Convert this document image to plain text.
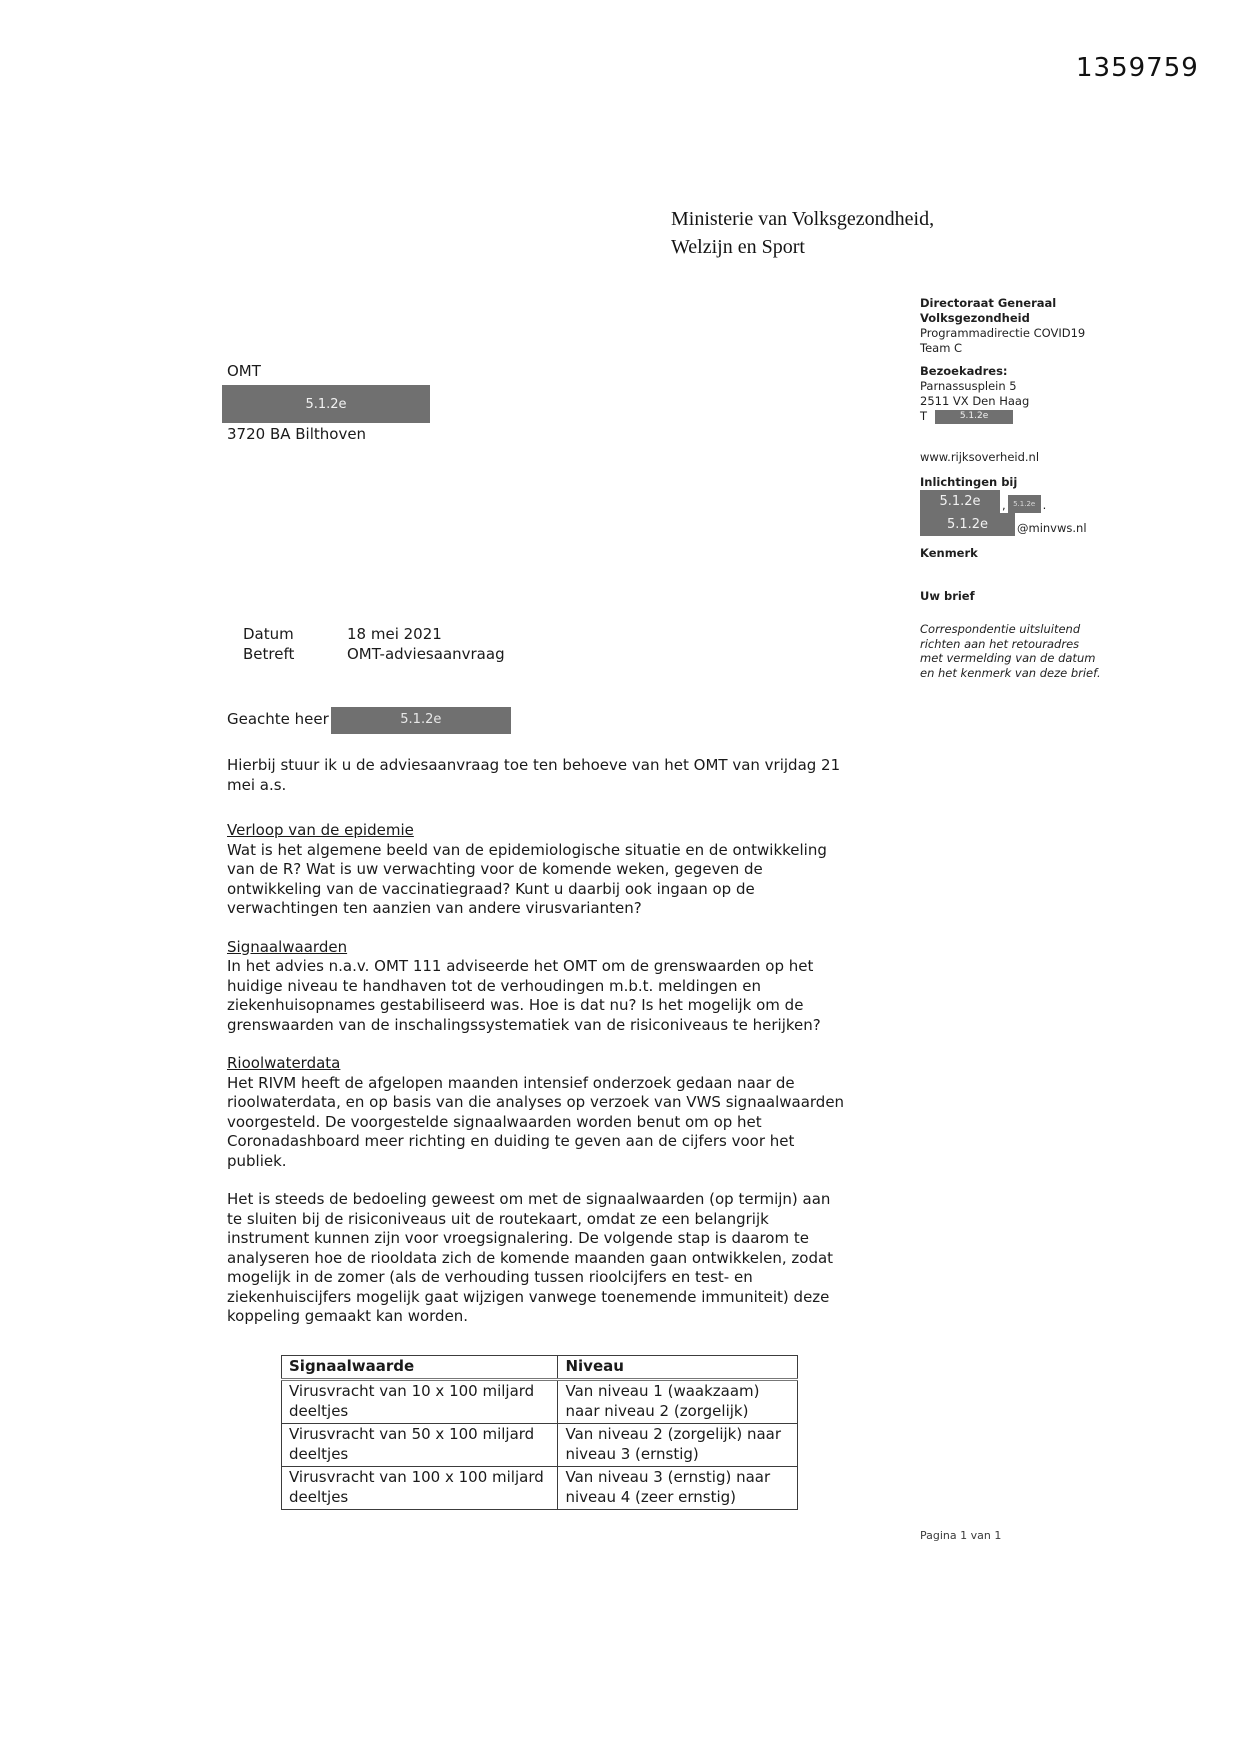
1359759
Ministerie van Volksgezondheid,
Welzijn en Sport
OMT
5.1.2e
3720 BA Bilthoven
Directoraat Generaal
Volksgezondheid
Programmadirectie COVID19
Team C
Bezoekadres:
Parnassusplein 5
2511 VX Den Haag
T	5.1.2e
www.rijksoverheid.nl
Inlichtingen bij
5.1.2e	,	5.1.2e .
5.1.2e	@minvws.nl
Kenmerk
Uw brief
Correspondentie uitsluitend richten aan het retouradres met vermelding van de datum en het kenmerk van deze brief.
Datum	18 mei 2021
Betreft	OMT-adviesaanvraag
Geachte heer	5.1.2e

Hierbij stuur ik u de adviesaanvraag toe ten behoeve van het OMT van vrijdag 21 mei a.s.

Verloop van de epidemie

Wat is het algemene beeld van de epidemiologische situatie en de ontwikkeling van de R? Wat is uw verwachting voor de komende weken, gegeven de ontwikkeling van de vaccinatiegraad? Kunt u daarbij ook ingaan op de verwachtingen ten aanzien van andere virusvarianten?

Signaalwaarden

In het advies n.a.v. OMT 111 adviseerde het OMT om de grenswaarden op het huidige niveau te handhaven tot de verhoudingen m.b.t. meldingen en ziekenhuisopnames gestabiliseerd was. Hoe is dat nu? Is het mogelijk om de grenswaarden van de inschalingssystematiek van de risiconiveaus te herijken?

Rioolwaterdata

Het RIVM heeft de afgelopen maanden intensief onderzoek gedaan naar de rioolwaterdata, en op basis van die analyses op verzoek van VWS signaalwaarden voorgesteld. De voorgestelde signaalwaarden worden benut om op het Coronadashboard meer richting en duiding te geven aan de cijfers voor het publiek.

Het is steeds de bedoeling geweest om met de signaalwaarden (op termijn) aan te sluiten bij de risiconiveaus uit de routekaart, omdat ze een belangrijk instrument kunnen zijn voor vroegsignalering. De volgende stap is daarom te analyseren hoe de riooldata zich de komende maanden gaan ontwikkelen, zodat mogelijk in de zomer (als de verhouding tussen rioolcijfers en test- en ziekenhuiscijfers mogelijk gaat wijzigen vanwege toenemende immuniteit) deze koppeling gemaakt kan worden.

Signaalwaarde	Niveau
Virusvracht van 10 x 100 miljard deeltjes	Van niveau 1 (waakzaam) naar niveau 2 (zorgelijk)
Virusvracht van 50 x 100 miljard deeltjes	Van niveau 2 (zorgelijk) naar niveau 3 (ernstig)
Virusvracht van 100 x 100 miljard deeltjes	Van niveau 3 (ernstig) naar niveau 4 (zeer ernstig)
Pagina 1 van 1
